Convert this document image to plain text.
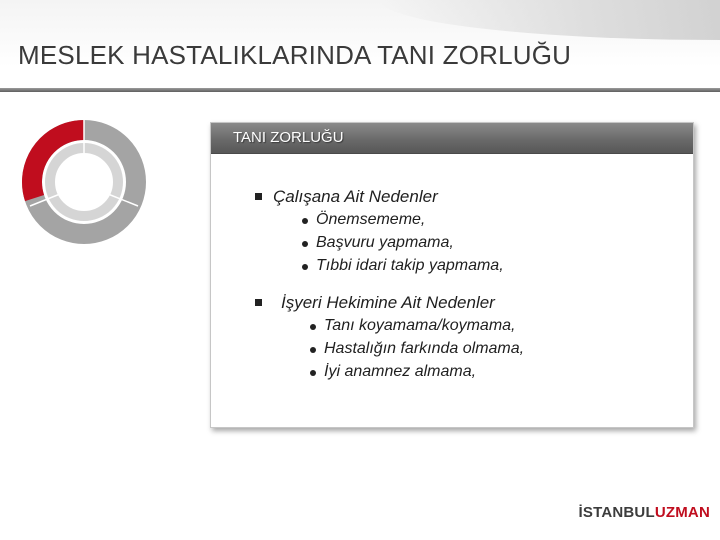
MESLEK HASTALIKLARINDA TANI ZORLUĞU
TANI ZORLUĞU
Çalışana Ait Nedenler
Önemsememe,
Başvuru yapmama,
Tıbbi idari takip yapmama,
İşyeri Hekimine Ait Nedenler
Tanı koyamama/koymama,
Hastalığın farkında olmama,
İyi anamnez almama,
İSTANBULUZMAN
